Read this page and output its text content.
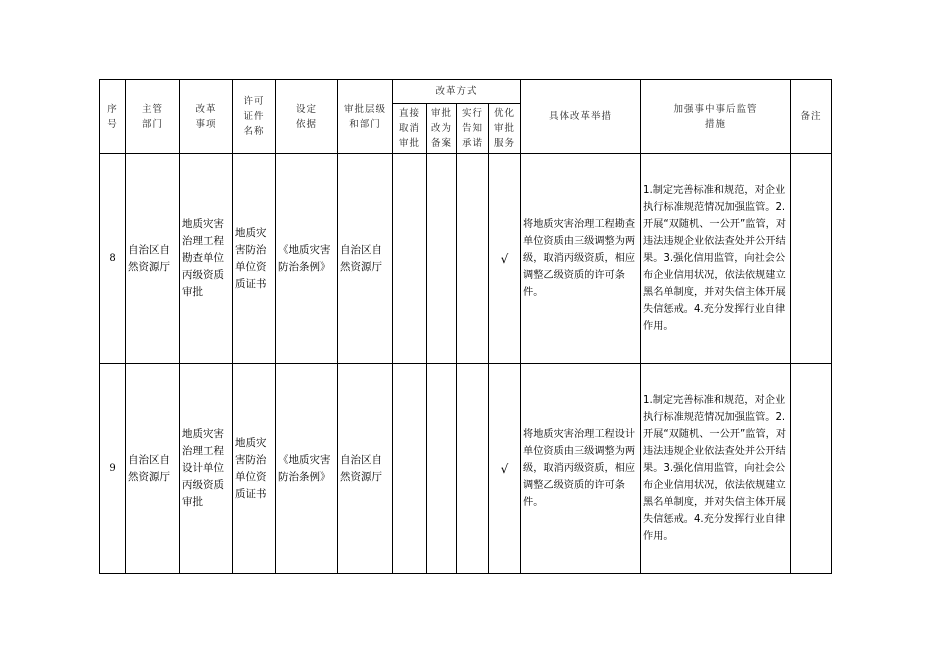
序号	主管部门	改革事项	许可证件名称	设定依据	审批层级和部门	改革方式				具体改革举措	加强事中事后监管措施	备注

						直接取消审批	审批改为备案	实行告知承诺	优化审批服务			

8	自治区自然资源厅	地质灾害治理工程勘查单位丙级资质审批	地质灾害防治单位资质证书	《地质灾害防治条例》	自治区自然资源厅				√	将地质灾害治理工程勘查单位资质由三级调整为两级，取消丙级资质，相应调整乙级资质的许可条件。	1.制定完善标准和规范，对企业执行标准规范情况加强监管。2.开展“双随机、一公开”监管，对违法违规企业依法查处并公开结果。3.强化信用监管，向社会公布企业信用状况，依法依规建立黑名单制度，并对失信主体开展失信惩戒。4.充分发挥行业自律作用。	
9	自治区自然资源厅	地质灾害治理工程设计单位丙级资质审批	地质灾害防治单位资质证书	《地质灾害防治条例》	自治区自然资源厅				√	将地质灾害治理工程设计单位资质由三级调整为两级，取消丙级资质，相应调整乙级资质的许可条件。	1.制定完善标准和规范，对企业执行标准规范情况加强监管。2.开展“双随机、一公开”监管，对违法违规企业依法查处并公开结果。3.强化信用监管，向社会公布企业信用状况，依法依规建立黑名单制度，并对失信主体开展失信惩戒。4.充分发挥行业自律作用。	
